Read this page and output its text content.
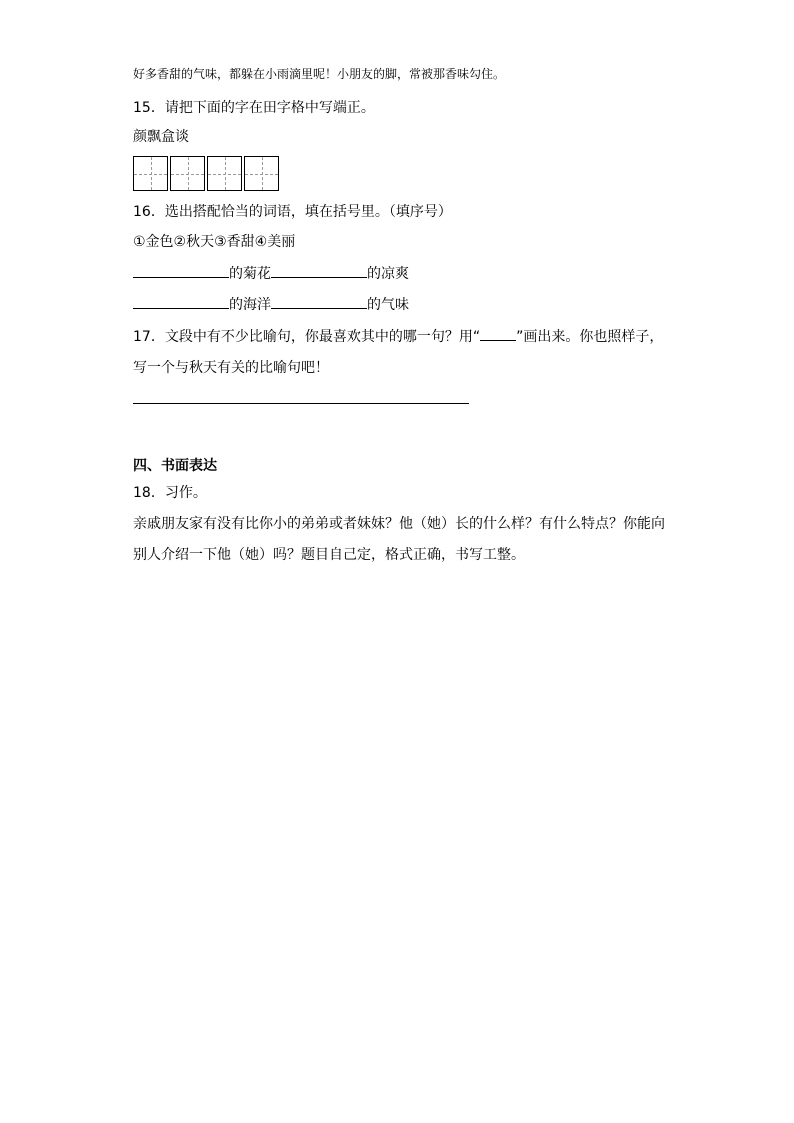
好多香甜的气味，都躲在小雨滴里呢！小朋友的脚，常被那香味勾住。
15．请把下面的字在田字格中写端正。
颜飘盒谈
16．选出搭配恰当的词语，填在括号里。（填序号）
①金色②秋天③香甜④美丽
的菊花	的凉爽
的海洋	的气味
17．文段中有不少比喻句，你最喜欢其中的哪一句？用“	”画出来。你也照样子，
写一个与秋天有关的比喻句吧！
四、书面表达
18．习作。
亲戚朋友家有没有比你小的弟弟或者妹妹？他（她）长的什么样？有什么特点？你能向
别人介绍一下他（她）吗？题目自己定，格式正确，书写工整。
